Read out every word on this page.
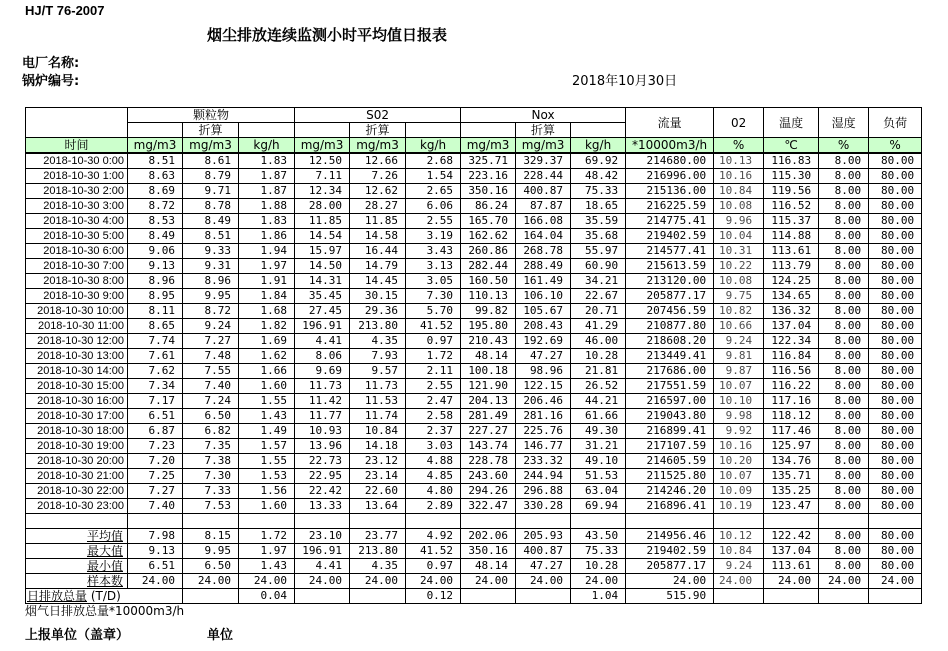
HJ/T 76-2007
烟尘排放连续监测小时平均值日报表
电厂名称:
锅炉编号:	2018年10月30日
	颗粒物			S02			Nox			流量	02	温度	湿度	负荷
		折算			折算			折算						
时间	mg/m3	mg/m3	kg/h	mg/m3	mg/m3	kg/h	mg/m3	mg/m3	kg/h	*10000m3/h	%	℃	%	%
2018-10-30 0:00	8.51	8.61	1.83	12.50	12.66	2.68	325.71	329.37	69.92	214680.00	10.13	116.83	8.00	80.00
2018-10-30 1:00	8.63	8.79	1.87	7.11	7.26	1.54	223.16	228.44	48.42	216996.00	10.16	115.30	8.00	80.00
2018-10-30 2:00	8.69	9.71	1.87	12.34	12.62	2.65	350.16	400.87	75.33	215136.00	10.84	119.56	8.00	80.00
2018-10-30 3:00	8.72	8.78	1.88	28.00	28.27	6.06	86.24	87.87	18.65	216225.59	10.08	116.52	8.00	80.00
2018-10-30 4:00	8.53	8.49	1.83	11.85	11.85	2.55	165.70	166.08	35.59	214775.41	9.96	115.37	8.00	80.00
2018-10-30 5:00	8.49	8.51	1.86	14.54	14.58	3.19	162.62	164.04	35.68	219402.59	10.04	114.88	8.00	80.00
2018-10-30 6:00	9.06	9.33	1.94	15.97	16.44	3.43	260.86	268.78	55.97	214577.41	10.31	113.61	8.00	80.00
2018-10-30 7:00	9.13	9.31	1.97	14.50	14.79	3.13	282.44	288.49	60.90	215613.59	10.22	113.79	8.00	80.00
2018-10-30 8:00	8.96	8.96	1.91	14.31	14.45	3.05	160.50	161.49	34.21	213120.00	10.08	124.25	8.00	80.00
2018-10-30 9:00	8.95	9.95	1.84	35.45	30.15	7.30	110.13	106.10	22.67	205877.17	9.75	134.65	8.00	80.00
2018-10-30 10:00	8.11	8.72	1.68	27.45	29.36	5.70	99.82	105.67	20.71	207456.59	10.82	136.32	8.00	80.00
2018-10-30 11:00	8.65	9.24	1.82	196.91	213.80	41.52	195.80	208.43	41.29	210877.80	10.66	137.04	8.00	80.00
2018-10-30 12:00	7.74	7.27	1.69	4.41	4.35	0.97	210.43	192.69	46.00	218608.20	9.24	122.34	8.00	80.00
2018-10-30 13:00	7.61	7.48	1.62	8.06	7.93	1.72	48.14	47.27	10.28	213449.41	9.81	116.84	8.00	80.00
2018-10-30 14:00	7.62	7.55	1.66	9.69	9.57	2.11	100.18	98.96	21.81	217686.00	9.87	116.56	8.00	80.00
2018-10-30 15:00	7.34	7.40	1.60	11.73	11.73	2.55	121.90	122.15	26.52	217551.59	10.07	116.22	8.00	80.00
2018-10-30 16:00	7.17	7.24	1.55	11.42	11.53	2.47	204.13	206.46	44.21	216597.00	10.10	117.16	8.00	80.00
2018-10-30 17:00	6.51	6.50	1.43	11.77	11.74	2.58	281.49	281.16	61.66	219043.80	9.98	118.12	8.00	80.00
2018-10-30 18:00	6.87	6.82	1.49	10.93	10.84	2.37	227.27	225.76	49.30	216899.41	9.92	117.46	8.00	80.00
2018-10-30 19:00	7.23	7.35	1.57	13.96	14.18	3.03	143.74	146.77	31.21	217107.59	10.16	125.97	8.00	80.00
2018-10-30 20:00	7.20	7.38	1.55	22.73	23.12	4.88	228.78	233.32	49.10	214605.59	10.20	134.76	8.00	80.00
2018-10-30 21:00	7.25	7.30	1.53	22.95	23.14	4.85	243.60	244.94	51.53	211525.80	10.07	135.71	8.00	80.00
2018-10-30 22:00	7.27	7.33	1.56	22.42	22.60	4.80	294.26	296.88	63.04	214246.20	10.09	135.25	8.00	80.00
2018-10-30 23:00	7.40	7.53	1.60	13.33	13.64	2.89	322.47	330.28	69.94	216896.41	10.19	123.47	8.00	80.00

平均值	7.98	8.15	1.72	23.10	23.77	4.92	202.06	205.93	43.50	214956.46	10.12	122.42	8.00	80.00
最大值	9.13	9.95	1.97	196.91	213.80	41.52	350.16	400.87	75.33	219402.59	10.84	137.04	8.00	80.00
最小值	6.51	6.50	1.43	4.41	4.35	0.97	48.14	47.27	10.28	205877.17	9.24	113.61	8.00	80.00
样本数	24.00	24.00	24.00	24.00	24.00	24.00	24.00	24.00	24.00	24.00	24.00	24.00	24.00	24.00
日排放总量 (T/D)			0.04			0.12			1.04	515.90				
烟气日排放总量*10000m3/h
上报单位（盖章）	单位
